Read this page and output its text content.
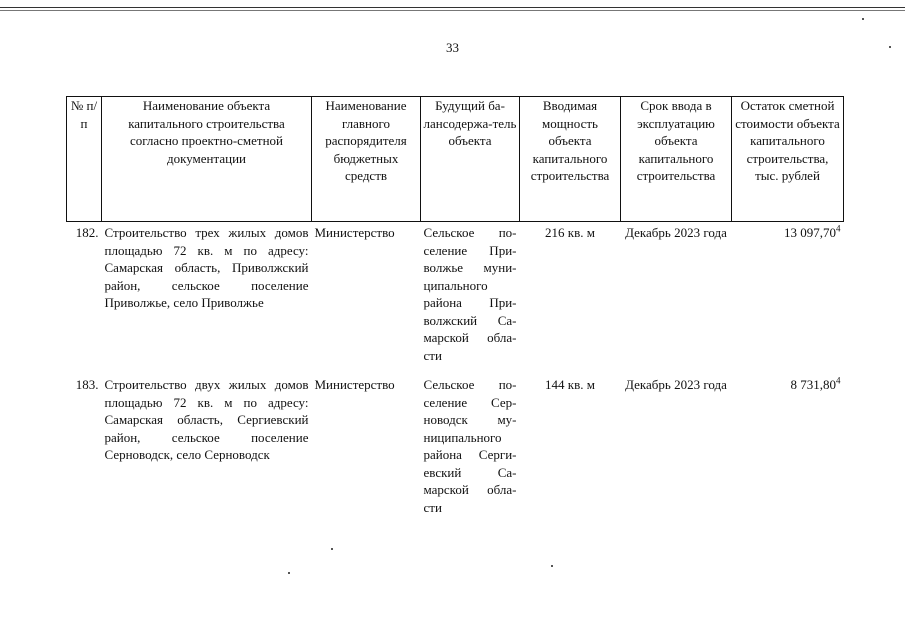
33
№ п/п	Наименование объекта капитального строительства согласно проектно-сметной документации	Наименование главного распорядителя бюджетных средств	Будущий ба-лансодержа-тель объекта	Вводимая мощность объекта капитального строительства	Срок ввода в эксплуатацию объекта капитального строительства	Остаток сметной стоимости объекта капитального строительства, тыс. рублей
182.	Строительство трех жилых домов площадью 72 кв. м по адресу: Самарская область, Приволжский район, сельское поселение Приволжье, село Приволжье	Министерство	Сельское по-селение При-волжье муни-ципального района При-волжский Са-марской обла-сти	216 кв. м	Декабрь 2023 года	13 097,70$^4$
183.	Строительство двух жилых домов площадью 72 кв. м по адресу: Самарская область, Сергиевский район, сельское поселение Серноводск, село Серноводск	Министерство	Сельское по-селение Сер-новодск му-ниципального района Серги-евский Са-марской обла-сти	144 кв. м	Декабрь 2023 года	8 731,80$^4$
